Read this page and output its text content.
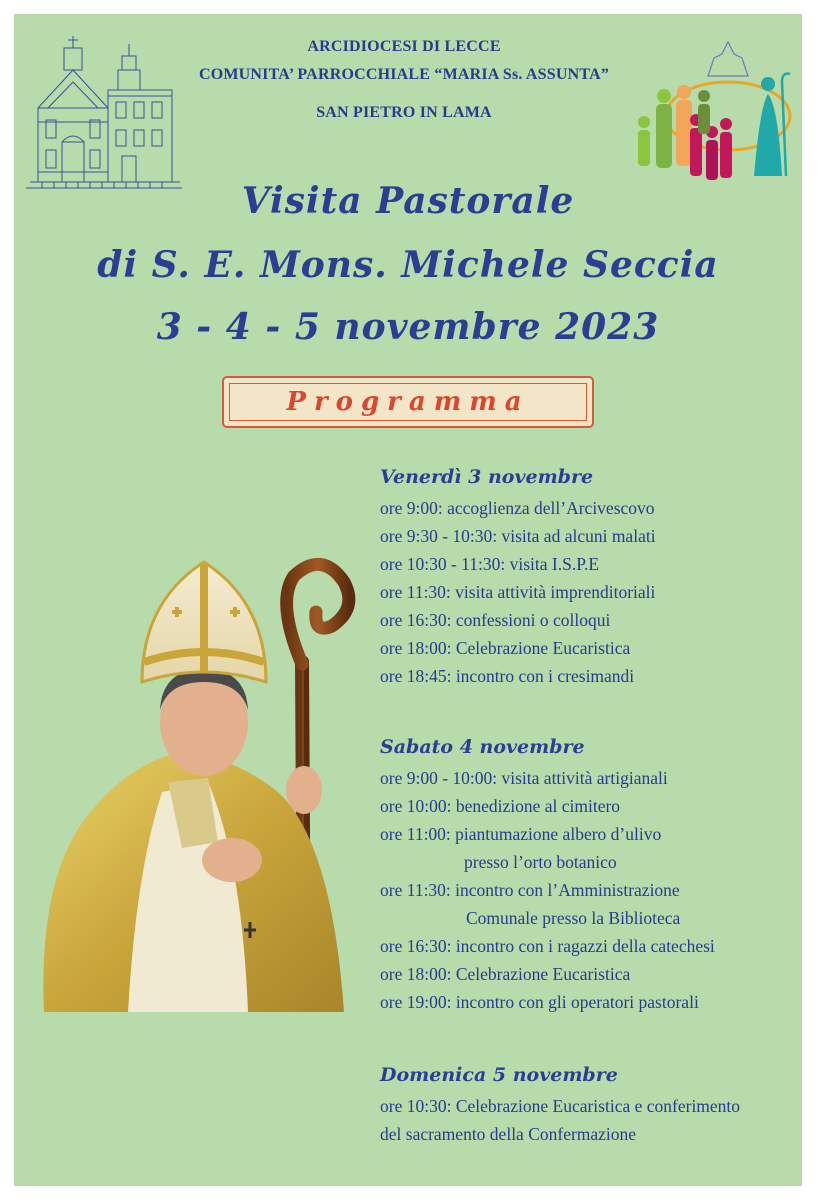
ARCIDIOCESI DI LECCE
COMUNITA’ PARROCCHIALE “MARIA Ss. ASSUNTA”
SAN PIETRO IN LAMA
Visita Pastorale
di S. E. Mons. Michele Seccia
3 - 4 - 5 novembre 2023
Programma
Venerdì 3 novembre
ore 9:00: accoglienza dell’Arcivescovo
ore 9:30 - 10:30: visita ad alcuni malati
ore 10:30 - 11:30: visita I.S.P.E
ore 11:30: visita attività imprenditoriali
ore 16:30: confessioni o colloqui
ore 18:00: Celebrazione Eucaristica
ore 18:45: incontro con i cresimandi
Sabato 4 novembre
ore 9:00 - 10:00: visita attività artigianali
ore 10:00: benedizione al cimitero
ore 11:00: piantumazione albero d’ulivo
presso l’orto botanico
ore 11:30: incontro con l’Amministrazione
Comunale presso la Biblioteca
ore 16:30: incontro con i ragazzi della catechesi
ore 18:00: Celebrazione Eucaristica
ore 19:00: incontro con gli operatori pastorali
Domenica 5 novembre
ore 10:30: Celebrazione Eucaristica e conferimento
del sacramento della Confermazione
